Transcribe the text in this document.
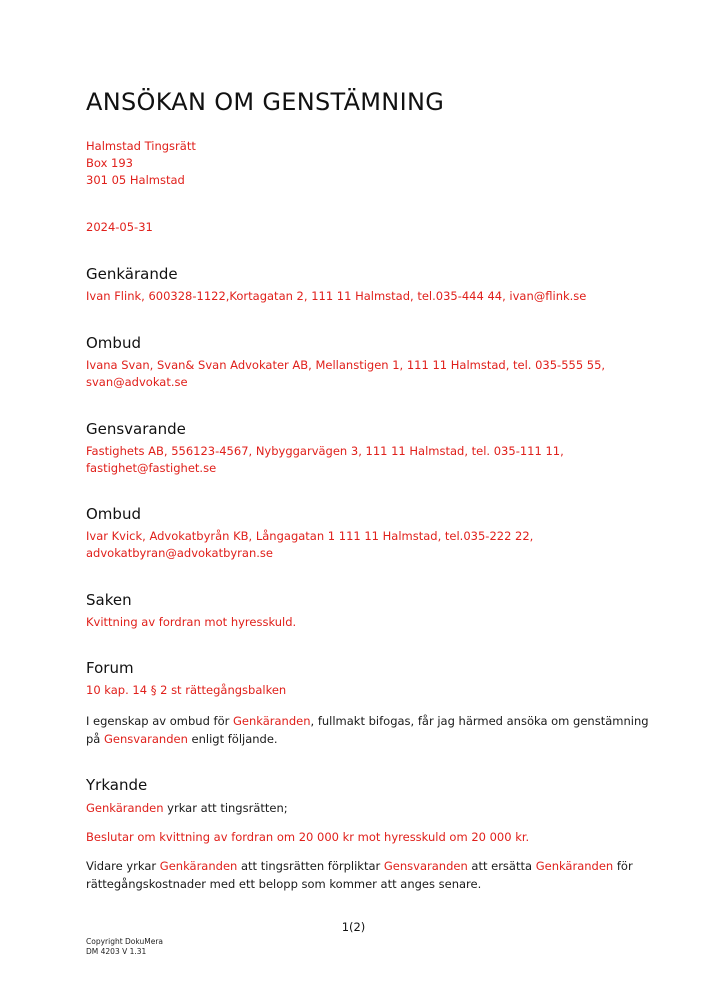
ANSÖKAN OM GENSTÄMNING
Halmstad Tingsrätt
Box 193
301 05 Halmstad
2024-05-31
Genkärande
Ivan Flink, 600328-1122,Kortagatan 2, 111 11 Halmstad, tel.035-444 44, ivan@flink.se
Ombud
Ivana Svan, Svan& Svan Advokater AB, Mellanstigen 1, 111 11 Halmstad, tel. 035-555 55,
svan@advokat.se
Gensvarande
Fastighets AB, 556123-4567, Nybyggarvägen 3, 111 11 Halmstad, tel. 035-111 11,
fastighet@fastighet.se
Ombud
Ivar Kvick, Advokatbyrån KB, Långagatan 1 111 11 Halmstad, tel.035-222 22,
advokatbyran@advokatbyran.se
Saken
Kvittning av fordran mot hyresskuld.
Forum
10 kap. 14 § 2 st rättegångsbalken
I egenskap av ombud för Genkäranden, fullmakt bifogas, får jag härmed ansöka om genstämning
på Gensvaranden enligt följande.
Yrkande
Genkäranden yrkar att tingsrätten;
Beslutar om kvittning av fordran om 20 000 kr mot hyresskuld om 20 000 kr.
Vidare yrkar Genkäranden att tingsrätten förpliktar Gensvaranden att ersätta Genkäranden för
rättegångskostnader med ett belopp som kommer att anges senare.
1(2)
Copyright DokuMera
DM 4203 V 1.31
